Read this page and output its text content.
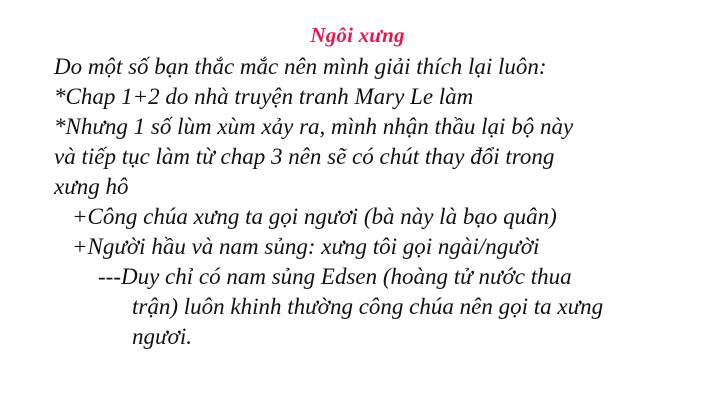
Ngôi xưng
Do một số bạn thắc mắc nên mình giải thích lại luôn:
*Chap 1+2 do nhà truyện tranh Mary Le làm
*Nhưng 1 số lùm xùm xảy ra, mình nhận thầu lại bộ này
và tiếp tục làm từ chap 3 nên sẽ có chút thay đổi trong
xưng hô
+Công chúa xưng ta gọi ngươi (bà này là bạo quân)
+Người hầu và nam sủng: xưng tôi gọi ngài/người
---Duy chỉ có nam sủng Edsen (hoàng tử nước thua
trận) luôn khinh thường công chúa nên gọi ta xưng
ngươi.
